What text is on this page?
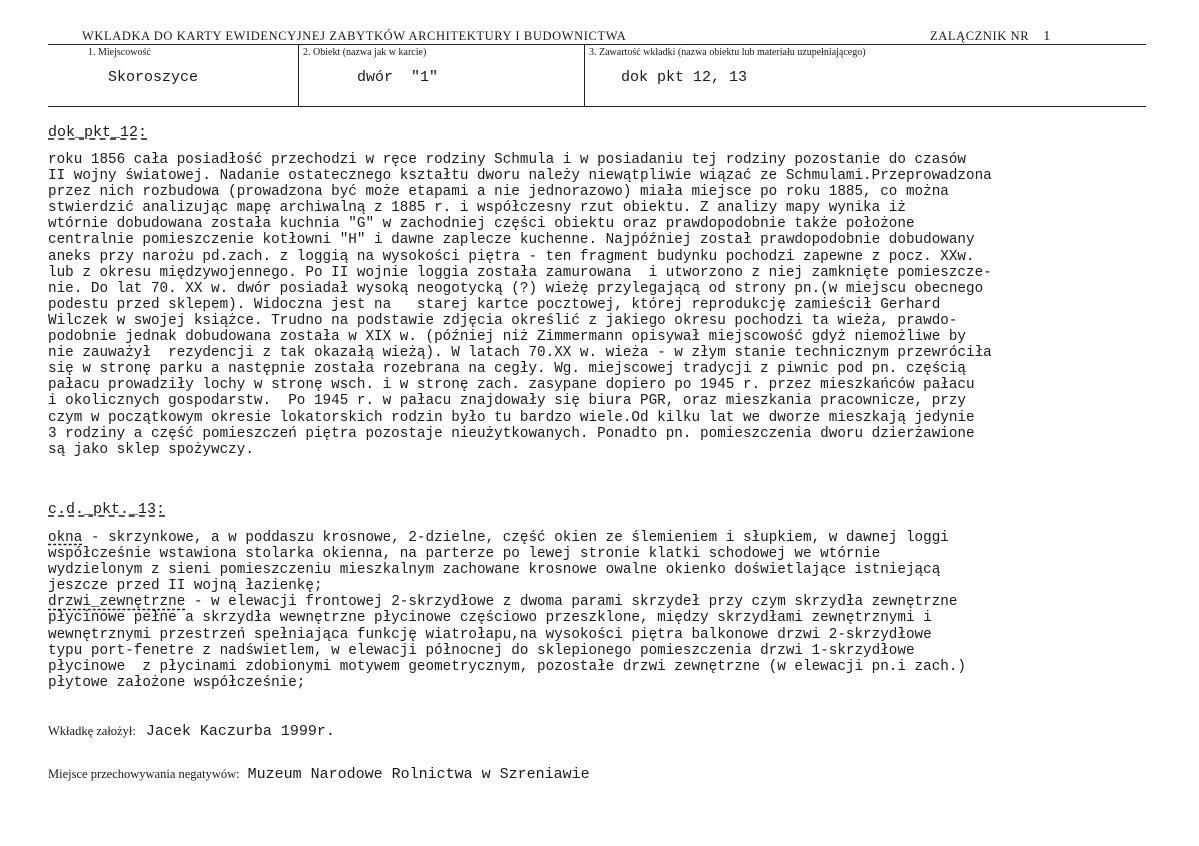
WKLADKA DO KARTY EWIDENCYJNEJ ZABYTKÓW ARCHITEKTURY I BUDOWNICTWA	ZALĄCZNIK NR 1
1. Miejscowość
Skoroszyce
2. Obiekt (nazwa jak w karcie)
dwór  "1"
3. Zawartość wkładki (nazwa obiektu lub materiału uzupełniającego)
dok pkt 12, 13
dok_pkt_12:
roku 1856 cała posiadłość przechodzi w ręce rodziny Schmula i w posiadaniu tej rodziny pozostanie do czasów
II wojny światowej. Nadanie ostatecznego kształtu dworu należy niewątpliwie wiązać ze Schmulami.Przeprowadzona
przez nich rozbudowa (prowadzona być może etapami a nie jednorazowo) miała miejsce po roku 1885, co można
stwierdzić analizując mapę archiwalną z 1885 r. i współczesny rzut obiektu. Z analizy mapy wynika iż
wtórnie dobudowana została kuchnia "G" w zachodniej części obiektu oraz prawdopodobnie także położone
centralnie pomieszczenie kotłowni "H" i dawne zaplecze kuchenne. Najpóźniej został prawdopodobnie dobudowany
aneks przy narożu pd.zach. z loggią na wysokości piętra - ten fragment budynku pochodzi zapewne z pocz. XXw.
lub z okresu międzywojennego. Po II wojnie loggia została zamurowana  i utworzono z niej zamknięte pomieszcze-
nie. Do lat 70. XX w. dwór posiadał wysoką neogotycką (?) wieżę przylegającą od strony pn.(w miejscu obecnego
podestu przed sklepem). Widoczna jest na   starej kartce pocztowej, której reprodukcję zamieścił Gerhard
Wilczek w swojej książce. Trudno na podstawie zdjęcia określić z jakiego okresu pochodzi ta wieża, prawdo-
podobnie jednak dobudowana została w XIX w. (później niż Zimmermann opisywał miejscowość gdyż niemożliwe by
nie zauważył  rezydencji z tak okazałą wieżą). W latach 70.XX w. wieża - w złym stanie technicznym przewróciła
się w stronę parku a następnie została rozebrana na cegły. Wg. miejscowej tradycji z piwnic pod pn. częścią
pałacu prowadziły lochy w stronę wsch. i w stronę zach. zasypane dopiero po 1945 r. przez mieszkańców pałacu
i okolicznych gospodarstw.  Po 1945 r. w pałacu znajdowały się biura PGR, oraz mieszkania pracownicze, przy
czym w początkowym okresie lokatorskich rodzin było tu bardzo wiele.Od kilku lat we dworze mieszkają jedynie
3 rodziny a część pomieszczeń piętra pozostaje nieużytkowanych. Ponadto pn. pomieszczenia dworu dzierżawione
są jako sklep spożywczy.
c.d._pkt._13:
okna - skrzynkowe, a w poddaszu krosnowe, 2-dzielne, część okien ze ślemieniem i słupkiem, w dawnej loggi
współcześnie wstawiona stolarka okienna, na parterze po lewej stronie klatki schodowej we wtórnie
wydzielonym z sieni pomieszczeniu mieszkalnym zachowane krosnowe owalne okienko doświetlające istniejącą
jeszcze przed II wojną łazienkę;
drzwi_zewnętrzne - w elewacji frontowej 2-skrzydłowe z dwoma parami skrzydeł przy czym skrzydła zewnętrzne
płycinowe pełne a skrzydła wewnętrzne płycinowe częściowo przeszklone, między skrzydłami zewnętrznymi i
wewnętrznymi przestrzeń spełniająca funkcję wiatrołapu,na wysokości piętra balkonowe drzwi 2-skrzydłowe
typu port-fenetre z nadświetlem, w elewacji północnej do sklepionego pomieszczenia drzwi 1-skrzydłowe
płycinowe  z płycinami zdobionymi motywem geometrycznym, pozostałe drzwi zewnętrzne (w elewacji pn.i zach.)
płytowe założone współcześnie;
Wkładkę założył: Jacek Kaczurba 1999r.
Miejsce przechowywania negatywów: Muzeum Narodowe Rolnictwa w Szreniawie
